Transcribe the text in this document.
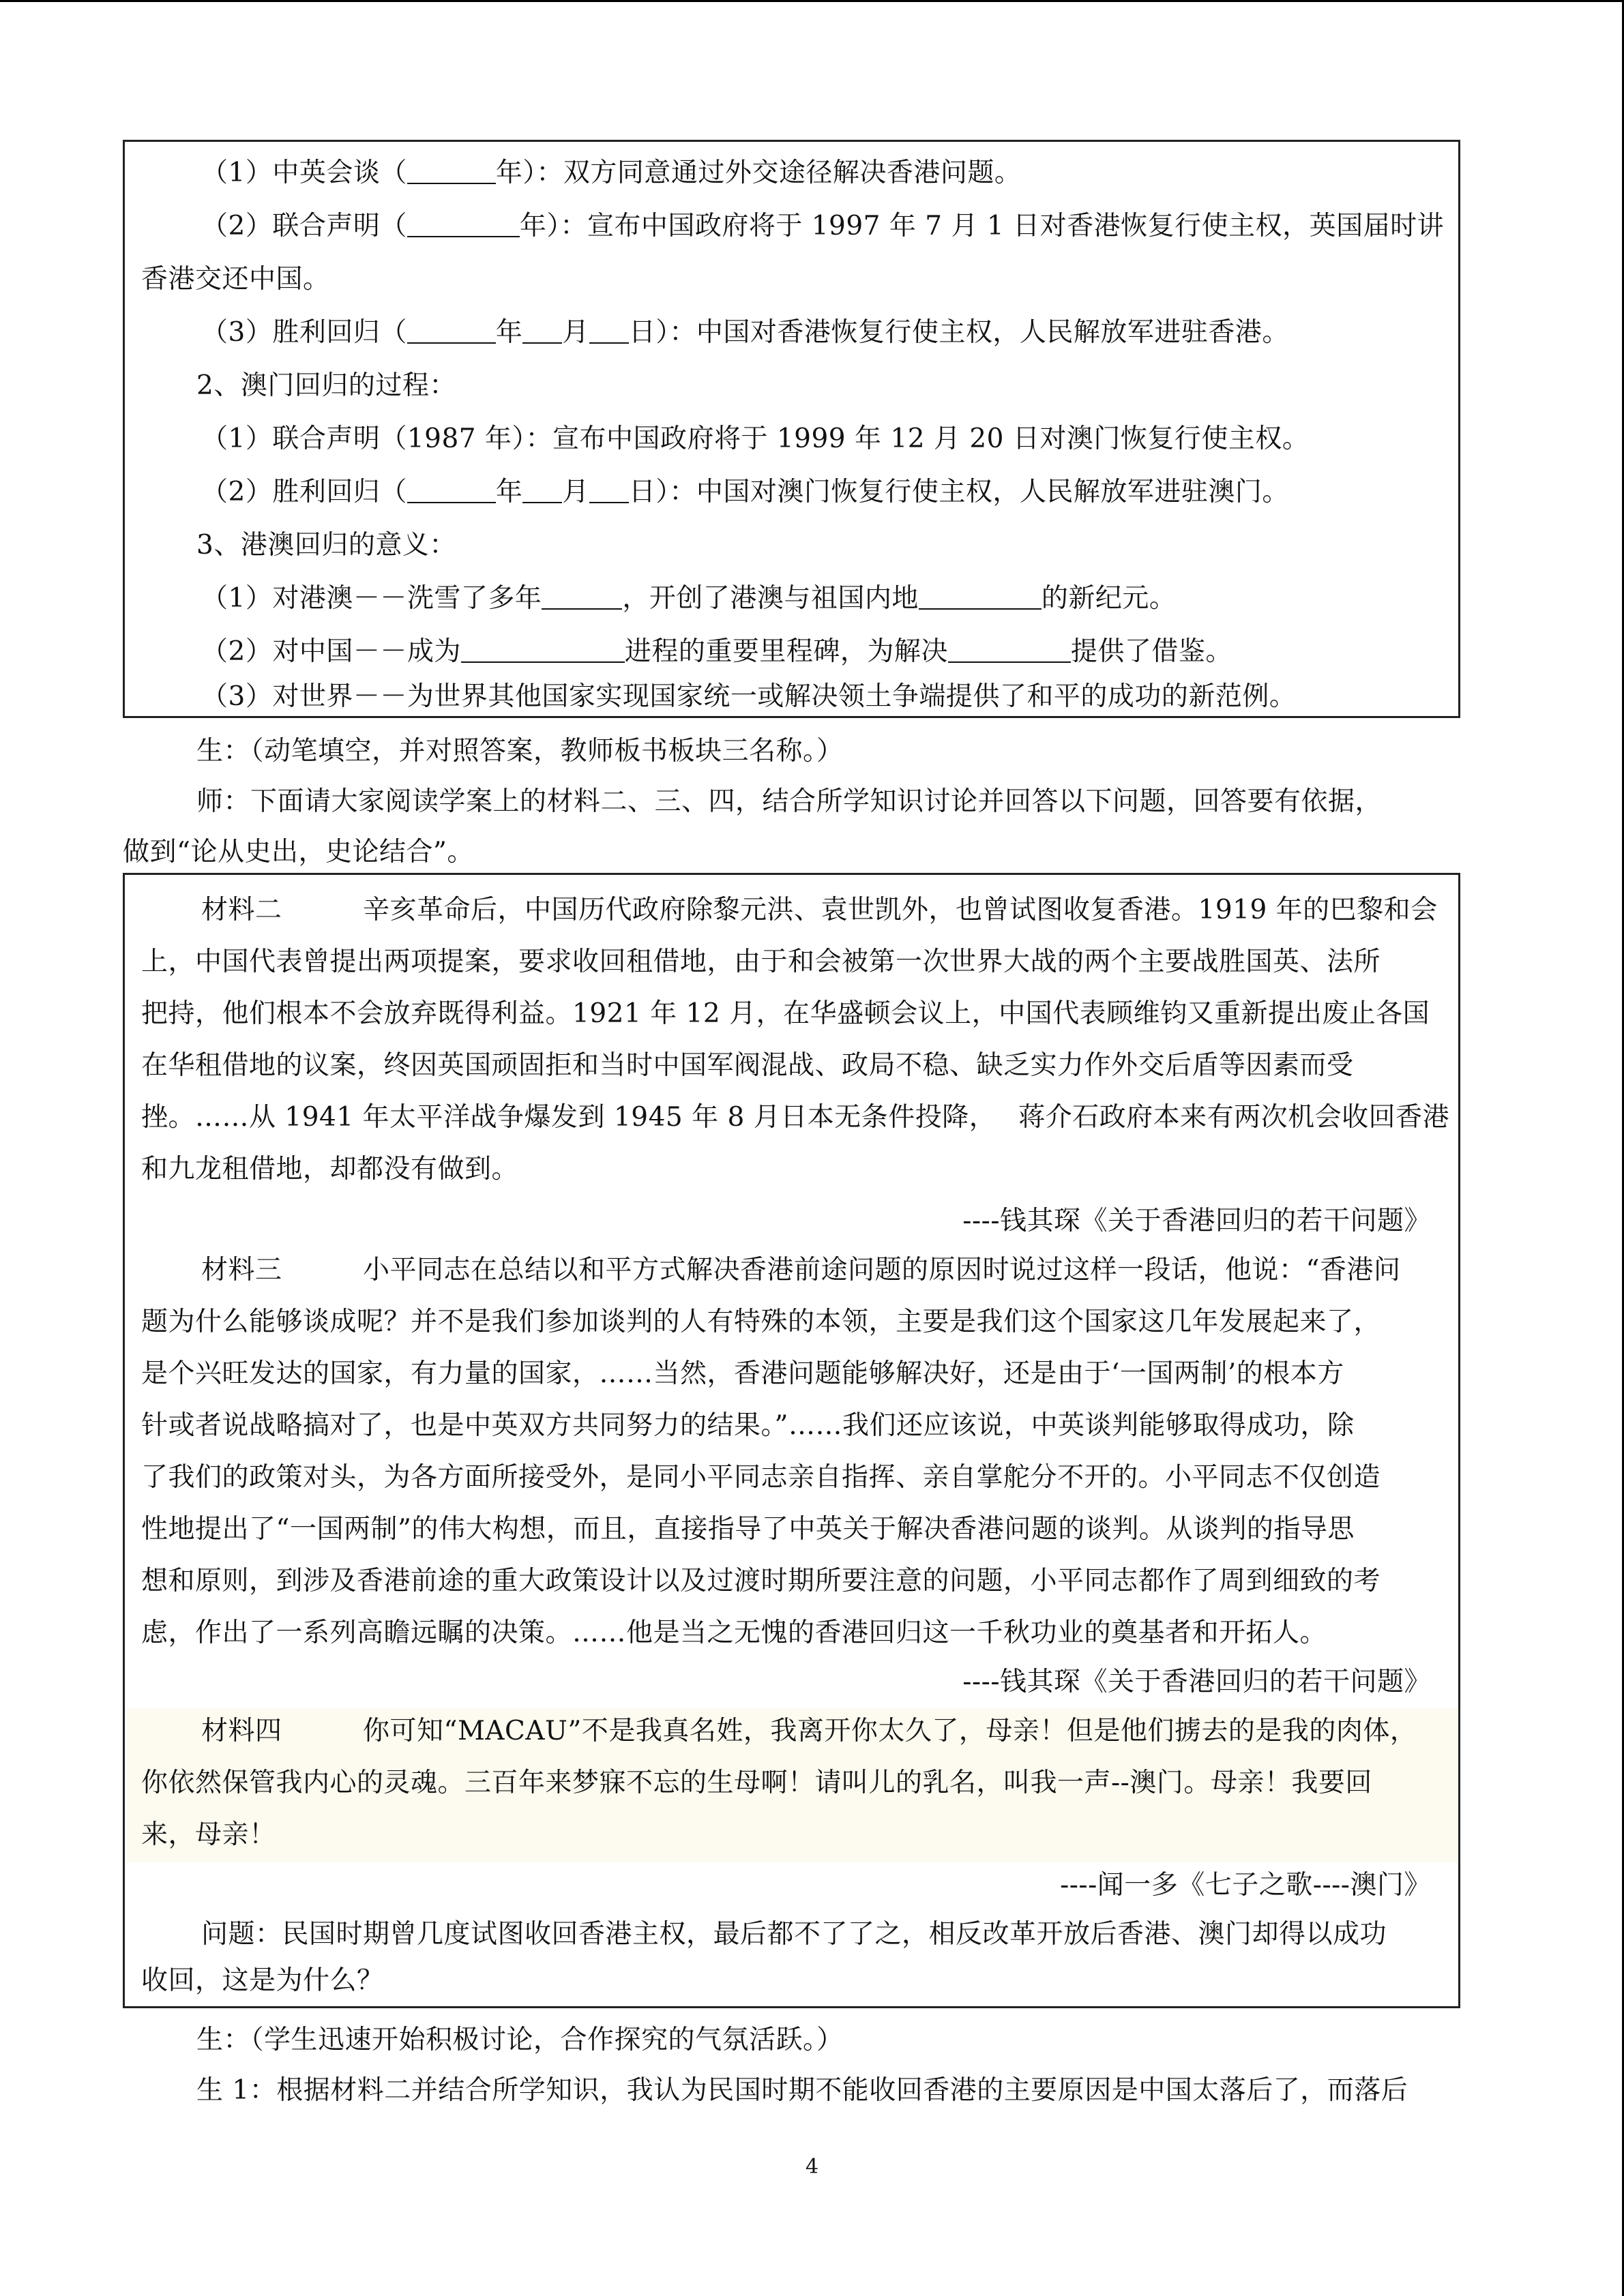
（1）中英会谈（	年）：双方同意通过外交途径解决香港问题。
（2）联合声明（	年）：宣布中国政府将于 1997 年 7 月 1 日对香港恢复行使主权，英国届时讲
香港交还中国。
（3）胜利回归（	年 月 日）：中国对香港恢复行使主权，人民解放军进驻香港。
2、澳门回归的过程：
（1）联合声明（1987 年）：宣布中国政府将于 1999 年 12 月 20 日对澳门恢复行使主权。
（2）胜利回归（	年 月 日）：中国对澳门恢复行使主权，人民解放军进驻澳门。
3、港澳回归的意义：
（1）对港澳－－洗雪了多年	，开创了港澳与祖国内地	的新纪元。
（2）对中国－－成为	进程的重要里程碑，为解决	提供了借鉴。
（3）对世界－－为世界其他国家实现国家统一或解决领土争端提供了和平的成功的新范例。
生：（动笔填空，并对照答案，教师板书板块三名称。）
师：下面请大家阅读学案上的材料二、三、四，结合所学知识讨论并回答以下问题，回答要有依据，
做到“论从史出，史论结合”。
材料二　　　辛亥革命后，中国历代政府除黎元洪、袁世凯外，也曾试图收复香港。1919 年的巴黎和会
上，中国代表曾提出两项提案，要求收回租借地，由于和会被第一次世界大战的两个主要战胜国英、法所
把持，他们根本不会放弃既得利益。1921 年 12 月，在华盛顿会议上，中国代表顾维钧又重新提出废止各国
在华租借地的议案，终因英国顽固拒和当时中国军阀混战、政局不稳、缺乏实力作外交后盾等因素而受
挫。……从 1941 年太平洋战争爆发到 1945 年 8 月日本无条件投降，　 蒋介石政府本来有两次机会收回香港
和九龙租借地，却都没有做到。
----钱其琛《关于香港回归的若干问题》
材料三　　　小平同志在总结以和平方式解决香港前途问题的原因时说过这样一段话，他说：“香港问
题为什么能够谈成呢？并不是我们参加谈判的人有特殊的本领，主要是我们这个国家这几年发展起来了，
是个兴旺发达的国家，有力量的国家，……当然，香港问题能够解决好，还是由于‘一国两制’的根本方
针或者说战略搞对了，也是中英双方共同努力的结果。”……我们还应该说，中英谈判能够取得成功，除
了我们的政策对头，为各方面所接受外，是同小平同志亲自指挥、亲自掌舵分不开的。小平同志不仅创造
性地提出了“一国两制”的伟大构想，而且，直接指导了中英关于解决香港问题的谈判。从谈判的指导思
想和原则，到涉及香港前途的重大政策设计以及过渡时期所要注意的问题，小平同志都作了周到细致的考
虑，作出了一系列高瞻远瞩的决策。……他是当之无愧的香港回归这一千秋功业的奠基者和开拓人。
----钱其琛《关于香港回归的若干问题》
材料四　　　你可知“MACAU”不是我真名姓，我离开你太久了，母亲！但是他们掳去的是我的肉体，
你依然保管我内心的灵魂。三百年来梦寐不忘的生母啊！请叫儿的乳名，叫我一声--澳门。母亲！我要回
来，母亲！
----闻一多《七子之歌----澳门》
问题：民国时期曾几度试图收回香港主权，最后都不了了之，相反改革开放后香港、澳门却得以成功
收回，这是为什么？
生：（学生迅速开始积极讨论，合作探究的气氛活跃。）
生 1：根据材料二并结合所学知识，我认为民国时期不能收回香港的主要原因是中国太落后了，而落后
4
